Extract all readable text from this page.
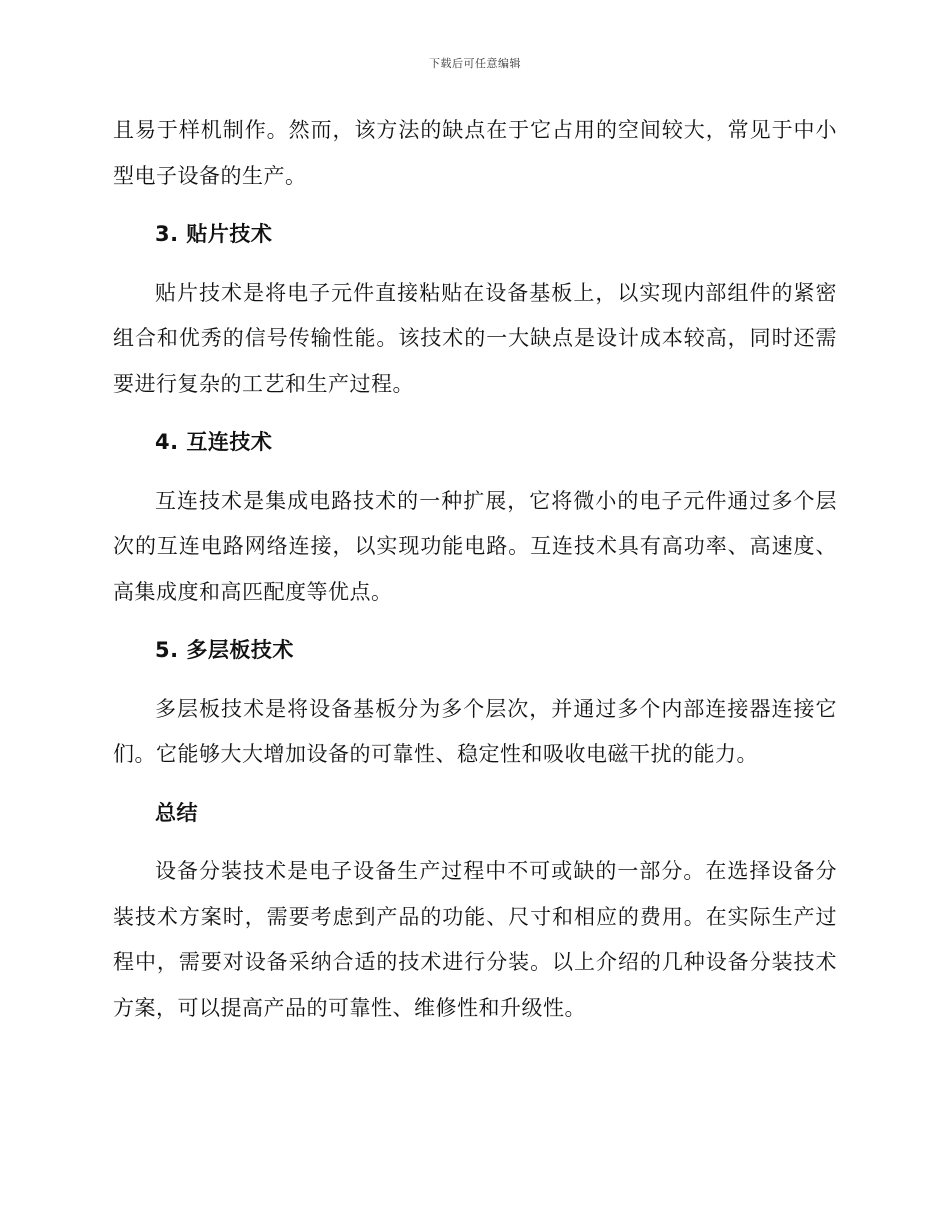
下载后可任意编辑

且易于样机制作。然而，该方法的缺点在于它占用的空间较大，常见于中小型电子设备的生产。

3. 贴片技术

贴片技术是将电子元件直接粘贴在设备基板上，以实现内部组件的紧密组合和优秀的信号传输性能。该技术的一大缺点是设计成本较高，同时还需要进行复杂的工艺和生产过程。

4. 互连技术

互连技术是集成电路技术的一种扩展，它将微小的电子元件通过多个层次的互连电路网络连接，以实现功能电路。互连技术具有高功率、高速度、高集成度和高匹配度等优点。

5. 多层板技术

多层板技术是将设备基板分为多个层次，并通过多个内部连接器连接它们。它能够大大增加设备的可靠性、稳定性和吸收电磁干扰的能力。

总结

设备分装技术是电子设备生产过程中不可或缺的一部分。在选择设备分装技术方案时，需要考虑到产品的功能、尺寸和相应的费用。在实际生产过程中，需要对设备采纳合适的技术进行分装。以上介绍的几种设备分装技术方案，可以提高产品的可靠性、维修性和升级性。
